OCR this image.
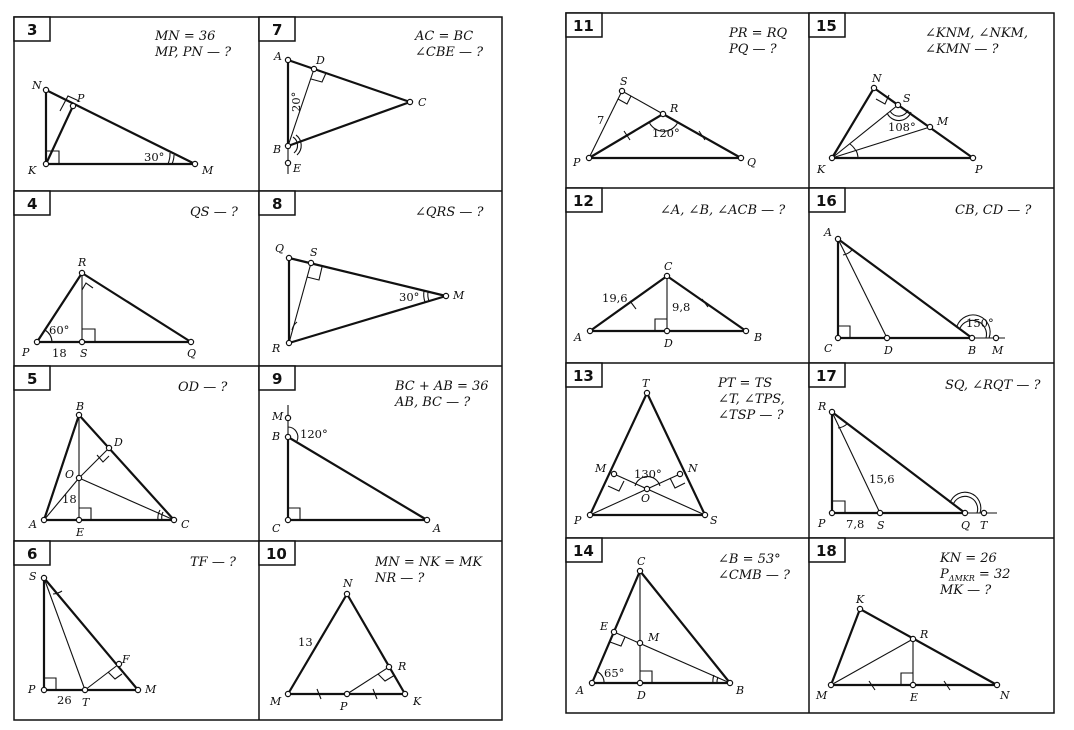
3	MN = 36
MP, PN — ?
N
P
K	M
30°
4	QS — ?
R
P	S	Q
60°
18
5	OD — ?
B
D
O
A
E
C
18
6	TF — ?
S
F
P
T
M
26
7	AC = BC
∠CBE — ?
A	D
C
B
E
20°
8	∠QRS — ?
Q S
M
R
30°
9	BC + AB = 36
AB, BC — ?
M
B
C	A
120°
10	MN = NK = MK
NR — ?
N
R
M	P	K
13
11	PR = RQ
PQ — ?
S
R
P	Q
7
120°
12
∠A, ∠B, ∠ACB — ?
C
A	D	B
19,6
9,8
13	PT = TS
∠T, ∠TPS,
∠TSP — ?
T
M	N
O
P	S
130°
14	∠B = 53°
∠CMB — ?
C
E
M
A	D	B
65°
15	∠KNM, ∠NKM,
∠KMN — ?
N
S
M
K	P
108°
16
CB, CD — ?
A
C	D	B M
150°
17
SQ, ∠RQT — ?
R
P	S	Q T
15,6
7,8
18	KN = 26
$P_{\Delta MKR} = 32$
MK — ?
K
R
M	E	N
